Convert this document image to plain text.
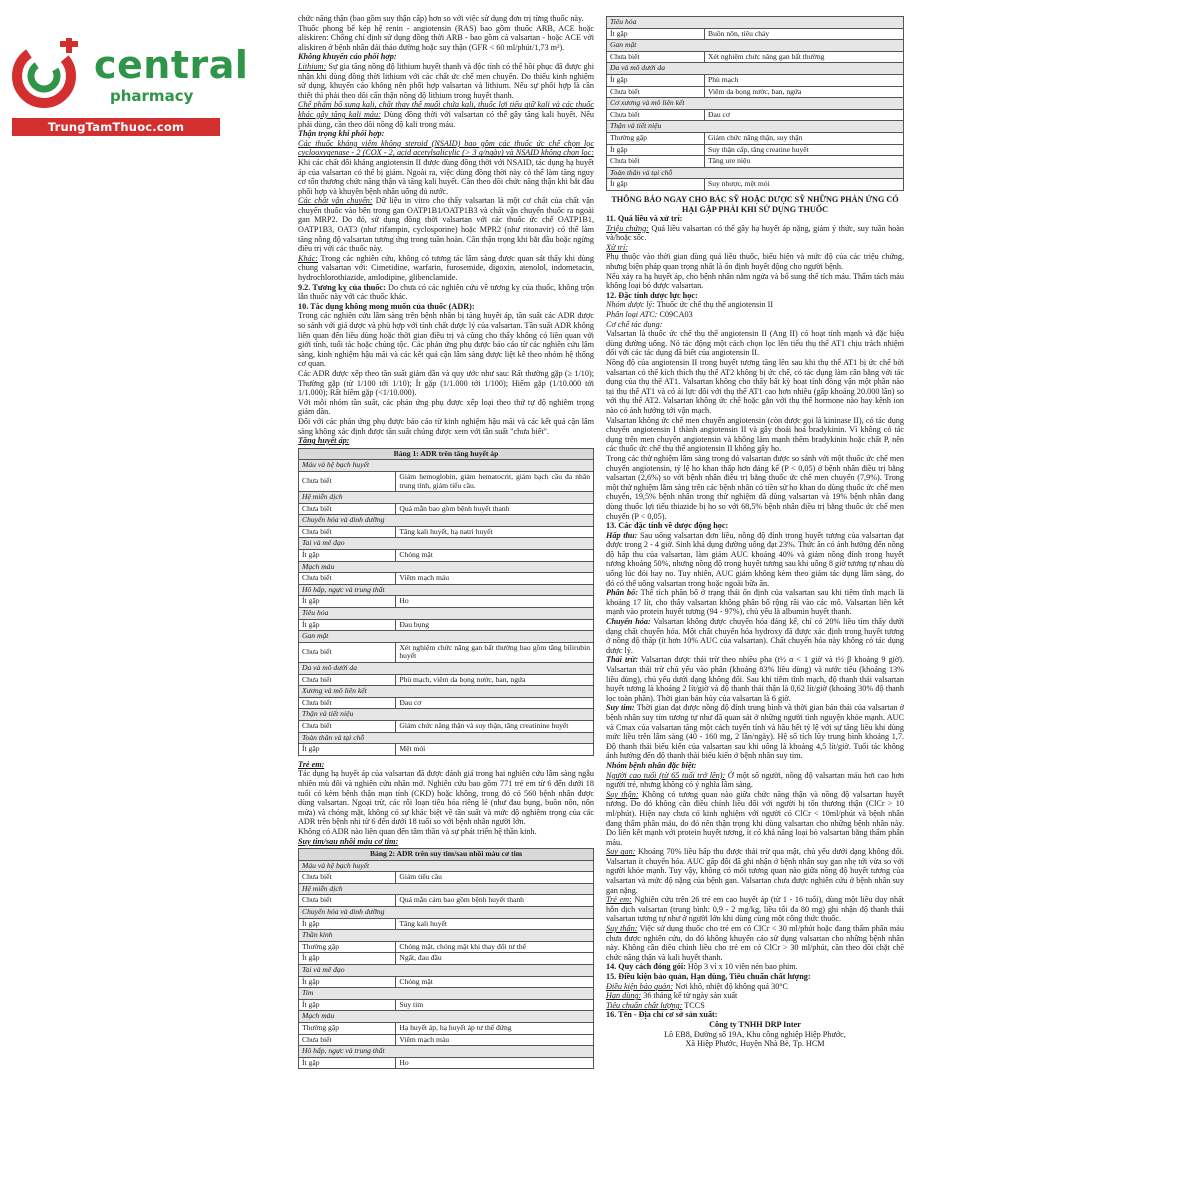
central
pharmacy
TrungTamThuoc.com

chức năng thận (bao gồm suy thận cấp) hơn so với việc sử dụng đơn trị từng thuốc này.

Thuốc phong bế kép hệ renin - angiotensin (RAS) bao gồm thuốc ARB, ACE hoặc aliskiren: Chống chỉ định sử dụng đồng thời ARB - bao gồm cả valsartan - hoặc ACE với aliskiren ở bệnh nhân đái tháo đường hoặc suy thận (GFR < 60 ml/phút/1,73 m²).

Không khuyến cáo phối hợp:

Lithium: Sự gia tăng nồng độ lithium huyết thanh và độc tính có thể hồi phục đã được ghi nhận khi dùng đồng thời lithium với các chất ức chế men chuyển. Do thiếu kinh nghiệm sử dụng, khuyến cáo không nên phối hợp valsartan và lithium. Nếu sự phối hợp là cần thiết thì phải theo dõi cẩn thận nồng độ lithium trong huyết thanh.

Chế phẩm bổ sung kali, chất thay thế muối chứa kali, thuốc lợi tiểu giữ kali và các thuốc khác gây tăng kali máu: Dùng đồng thời với valsartan có thể gây tăng kali huyết. Nếu phải dùng, cần theo dõi nồng độ kali trong máu.

Thận trọng khi phối hợp:

Các thuốc kháng viêm không steroid (NSAID) bao gồm các thuốc ức chế chọn lọc cyclooxygenase - 2 (COX - 2, acid acetylsalicylic (> 3 g/ngày) và NSAID không chọn lọc: Khi các chất đối kháng angiotensin II được dùng đồng thời với NSAID, tác dụng hạ huyết áp của valsartan có thể bị giảm. Ngoài ra, việc dùng đồng thời này có thể làm tăng nguy cơ tổn thương chức năng thận và tăng kali huyết. Cần theo dõi chức năng thận khi bắt đầu phối hợp và khuyên bệnh nhân uống đủ nước.

Các chất vận chuyển: Dữ liệu in vitro cho thấy valsartan là một cơ chất của chất vận chuyển thuốc vào bên trong gan OATP1B1/OATP1B3 và chất vận chuyển thuốc ra ngoài gan MRP2. Do đó, sử dụng đồng thời valsartan với các thuốc ức chế OATP1B1, OATP1B3, OAT3 (như rifampin, cyclosporine) hoặc MPR2 (như ritonavir) có thể làm tăng nồng độ valsartan tương ứng trong tuần hoàn. Cần thận trọng khi bắt đầu hoặc ngừng điều trị với các thuốc này.

Khác: Trong các nghiên cứu, không có tương tác lâm sàng được quan sát thấy khi dùng chung valsartan với: Cimetidine, warfarin, furosemide, digoxin, atenolol, indometacin, hydrochlorothiazide, amlodipine, glibenclamide.

9.2. Tương kỵ của thuốc: Do chưa có các nghiên cứu về tương kỵ của thuốc, không trộn lẫn thuốc này với các thuốc khác.

10. Tác dụng không mong muốn của thuốc (ADR):

Trong các nghiên cứu lâm sàng trên bệnh nhân bị tăng huyết áp, tần suất các ADR được so sánh với giả dược và phù hợp với tính chất dược lý của valsartan. Tần suất ADR không liên quan đến liều dùng hoặc thời gian điều trị và cũng cho thấy không có liên quan với giới tính, tuổi tác hoặc chủng tộc. Các phản ứng phụ được báo cáo từ các nghiên cứu lâm sàng, kinh nghiệm hậu mãi và các kết quả cận lâm sàng được liệt kê theo nhóm hệ thống cơ quan.

Các ADR được xếp theo tần suất giảm dần và quy ước như sau: Rất thường gặp (≥ 1/10); Thường gặp (từ 1/100 tới 1/10); Ít gặp (1/1.000 tới 1/100); Hiếm gặp (1/10.000 tới 1/1.000); Rất hiếm gặp (<1/10.000).

Với mỗi nhóm tần suất, các phản ứng phụ được xếp loại theo thứ tự độ nghiêm trọng giảm dần.

Đối với các phản ứng phụ được báo cáo từ kinh nghiệm hậu mãi và các kết quả cận lâm sàng không xác định được tần suất chúng được xem với tần suất "chưa biết".

Tăng huyết áp:

Bảng 1: ADR trên tăng huyết áp	
Máu và hệ bạch huyết	
Chưa biết	Giảm hemoglobin, giảm hematocrit, giảm bạch cầu đa nhân trung tính, giảm tiểu cầu.
Hệ miễn dịch	
Chưa biết	Quá mẫn bao gồm bệnh huyết thanh
Chuyển hóa và dinh dưỡng	
Chưa biết	Tăng kali huyết, hạ natri huyết
Tai và mê đạo	
Ít gặp	Chóng mặt
Mạch máu	
Chưa biết	Viêm mạch máu
Hô hấp, ngực và trung thất	
Ít gặp	Ho
Tiêu hóa	
Ít gặp	Đau bụng
Gan mật	
Chưa biết	Xét nghiệm chức năng gan bất thường bao gồm tăng bilirubin huyết
Da và mô dưới da	
Chưa biết	Phù mạch, viêm da bọng nước, ban, ngứa
Xương và mô liên kết	
Chưa biết	Đau cơ
Thận và tiết niệu	
Chưa biết	Giảm chức năng thận và suy thận, tăng creatinine huyết
Toàn thân và tại chỗ	
Ít gặp	Mệt mỏi

Trẻ em:

Tác dụng hạ huyết áp của valsartan đã được đánh giá trong hai nghiên cứu lâm sàng ngẫu nhiên mù đôi và nghiên cứu nhãn mở. Nghiên cứu bao gồm 771 trẻ em từ 6 đến dưới 18 tuổi có kèm bệnh thận mạn tính (CKD) hoặc không, trong đó có 560 bệnh nhân được dùng valsartan. Ngoại trừ, các rối loạn tiêu hóa riêng lẻ (như đau bụng, buồn nôn, nôn mửa) và chóng mặt, không có sự khác biệt về tần suất và mức độ nghiêm trọng của các ADR trên bệnh nhi từ 6 đến dưới 18 tuổi so với bệnh nhân người lớn.

Không có ADR nào liên quan đến tâm thần và sự phát triển hệ thần kinh.

Suy tim/sau nhồi máu cơ tim:

Bảng 2: ADR trên suy tim/sau nhồi máu cơ tim	
Máu và hệ bạch huyết	
Chưa biết	Giảm tiểu cầu
Hệ miễn dịch	
Chưa biết	Quá mẫn cảm bao gồm bệnh huyết thanh
Chuyển hóa và dinh dưỡng	
Ít gặp	Tăng kali huyết
Thần kinh	
Thường gặp	Chóng mặt, chóng mặt khi thay đổi tư thế
Ít gặp	Ngất, đau đầu
Tai và mê đạo	
Ít gặp	Chóng mặt
Tim	
Ít gặp	Suy tim
Mạch máu	
Thường gặp	Hạ huyết áp, hạ huyết áp tư thế đứng
Chưa biết	Viêm mạch máu
Hô hấp, ngực và trung thất	
Ít gặp	Ho
Tiêu hóa	
Ít gặp	Buồn nôn, tiêu chảy
Gan mật	
Chưa biết	Xét nghiệm chức năng gan bất thường
Da và mô dưới da	
Ít gặp	Phù mạch
Chưa biết	Viêm da bọng nước, ban, ngứa
Cơ xương và mô liên kết	
Chưa biết	Đau cơ
Thận và tiết niệu	
Thường gặp	Giảm chức năng thận, suy thận
Ít gặp	Suy thận cấp, tăng creatine huyết
Chưa biết	Tăng ure niệu
Toàn thân và tại chỗ	
Ít gặp	Suy nhược, mệt mỏi

THÔNG BÁO NGAY CHO BÁC SỸ HOẶC DƯỢC SỸ NHỮNG PHẢN ỨNG CÓ HẠI GẶP PHẢI KHI SỬ DỤNG THUỐC

11. Quá liều và xử trí:

Triệu chứng: Quá liều valsartan có thể gây hạ huyết áp nặng, giảm ý thức, suy tuần hoàn và/hoặc sốc.

Xử trí:

Phụ thuộc vào thời gian dùng quá liều thuốc, biểu hiện và mức độ của các triệu chứng, nhưng biện pháp quan trọng nhất là ổn định huyết động cho người bệnh.

Nếu xảy ra hạ huyết áp, cho bệnh nhân nằm ngửa và bổ sung thể tích máu. Thẩm tách máu không loại bỏ được valsartan.

12. Đặc tính dược lực học:

Nhóm dược lý: Thuốc ức chế thụ thể angiotensin II

Phân loại ATC: C09CA03

Cơ chế tác dụng:

Valsartan là thuốc ức chế thụ thể angiotensin II (Ang II) có hoạt tính mạnh và đặc hiệu dùng đường uống. Nó tác động một cách chọn lọc lên tiểu thụ thể AT1 chịu trách nhiệm đối với các tác dụng đã biết của angiotensin II.

Nồng độ của angiotensin II trong huyết tương tăng lên sau khi thụ thể AT1 bị ức chế bởi valsartan có thể kích thích thụ thể AT2 không bị ức chế, có tác dụng làm cân bằng với tác dụng của thụ thể AT1. Valsartan không cho thấy bất kỳ hoạt tính đồng vận một phần nào tại thụ thể AT1 và có ái lực đối với thụ thể AT1 cao hơn nhiều (gấp khoảng 20.000 lần) so với thụ thể AT2. Valsartan không ức chế hoặc gắn với thụ thể hormone nào hay kênh ion nào có ảnh hưởng tới vận mạch.

Valsartan không ức chế men chuyển angiotensin (còn được gọi là kininase II), có tác dụng chuyển angiotensin I thành angiotensin II và gây thoái hoá bradykinin. Vì không có tác dụng trên men chuyển angiotensin và không làm mạnh thêm bradykinin hoặc chất P, nên các thuốc ức chế thụ thể angiotensin II không gây ho.

Trong các thử nghiệm lâm sàng trong đó valsartan được so sánh với một thuốc ức chế men chuyển angiotensin, tỷ lệ ho khan thấp hơn đáng kể (P < 0,05) ở bệnh nhân điều trị bằng valsartan (2,6%) so với bệnh nhân điều trị bằng thuốc ức chế men chuyển (7,9%). Trong một thử nghiệm lâm sàng trên các bệnh nhân có tiền sử ho khan do dùng thuốc ức chế men chuyển, 19,5% bệnh nhân trong thử nghiệm đã dùng valsartan và 19% bệnh nhân đang dùng thuốc lợi tiểu thiazide bị ho so với 68,5% bệnh nhân điều trị bằng thuốc ức chế men chuyển (P < 0,05).

13. Các đặc tính về dược động học:

Hấp thu: Sau uống valsartan đơn liều, nồng độ đỉnh trong huyết tương của valsartan đạt được trong 2 - 4 giờ. Sinh khả dụng đường uống đạt 23%. Thức ăn có ảnh hưởng đến nồng độ hấp thu của valsartan, làm giảm AUC khoảng 40% và giảm nồng đỉnh trong huyết tương khoảng 50%, nhưng nồng độ trong huyết tương sau khi uống 8 giờ tương tự nhau dù uống lúc đói hay no. Tuy nhiên, AUC giảm không kèm theo giảm tác dụng lâm sàng, do đó có thể uống valsartan trong hoặc ngoài bữa ăn.

Phân bố: Thể tích phân bố ở trạng thái ổn định của valsartan sau khi tiêm tĩnh mạch là khoảng 17 lít, cho thấy valsartan không phân bố rộng rãi vào các mô. Valsartan liên kết mạnh vào protein huyết tương (94 - 97%), chủ yếu là albumin huyết thanh.

Chuyển hóa: Valsartan không được chuyển hóa đáng kể, chỉ có 20% liều tìm thấy dưới dạng chất chuyển hóa. Một chất chuyển hóa hydroxy đã được xác định trong huyết tương ở nồng độ thấp (ít hơn 10% AUC của valsartan). Chất chuyển hóa này không có tác dụng dược lý.

Thải trừ: Valsartan được thải trừ theo nhiều pha (t½ α < 1 giờ và t½ β khoảng 9 giờ). Valsartan thải trừ chủ yếu vào phân (khoảng 83% liều dùng) và nước tiểu (khoảng 13% liều dùng), chủ yếu dưới dạng không đổi. Sau khi tiêm tĩnh mạch, độ thanh thải valsartan huyết tương là khoảng 2 lít/giờ và độ thanh thải thận là 0,62 lít/giờ (khoảng 30% độ thanh lọc toàn phần). Thời gian bán hủy của valsartan là 6 giờ.

Suy tim: Thời gian đạt được nồng độ đỉnh trung bình và thời gian bán thải của valsartan ở bệnh nhân suy tim tương tự như đã quan sát ở những người tình nguyện khỏe mạnh. AUC và Cmax của valsartan tăng một cách tuyến tính và hầu hết tỷ lệ với sự tăng liều khi dùng mức liều trên lâm sàng (40 - 160 mg, 2 lần/ngày). Hệ số tích lũy trung bình khoảng 1,7. Độ thanh thải biểu kiến của valsartan sau khi uống là khoảng 4,5 lít/giờ. Tuổi tác không ảnh hưởng đến độ thanh thải biểu kiến ở bệnh nhân suy tim.

Nhóm bệnh nhân đặc biệt:

Người cao tuổi (từ 65 tuổi trở lên): Ở một số người, nồng độ valsartan máu hơi cao hơn người trẻ, nhưng không có ý nghĩa lâm sàng.

Suy thận: Không có tương quan nào giữa chức năng thận và nồng độ valsartan huyết tương. Do đó không cần điều chỉnh liều đối với người bị tổn thương thận (ClCr > 10 ml/phút). Hiện nay chưa có kinh nghiệm với người có ClCr < 10ml/phút và bệnh nhân đang thẩm phân máu, do đó nên thận trọng khi dùng valsartan cho những bệnh nhân này. Do liên kết mạnh với protein huyết tương, ít có khả năng loại bỏ valsartan bằng thẩm phân máu.

Suy gan: Khoảng 70% liều hấp thu được thải trừ qua mật, chủ yếu dưới dạng không đổi. Valsartan ít chuyển hóa. AUC gấp đôi đã ghi nhận ở bệnh nhân suy gan nhẹ tới vừa so với người khỏe mạnh. Tuy vậy, không có mối tương quan nào giữa nồng độ huyết tương của valsartan và mức độ nặng của bệnh gan. Valsartan chưa được nghiên cứu ở bệnh nhân suy gan nặng.

Trẻ em: Nghiên cứu trên 26 trẻ em cao huyết áp (từ 1 - 16 tuổi), dùng một liều duy nhất hỗn dịch valsartan (trung bình: 0,9 - 2 mg/kg, liều tối đa 80 mg) ghi nhận độ thanh thải valsartan tương tự như ở người lớn khi dùng cùng một công thức thuốc.

Suy thận: Việc sử dụng thuốc cho trẻ em có ClCr < 30 ml/phút hoặc đang thẩm phân máu chưa được nghiên cứu, do đó không khuyến cáo sử dụng valsartan cho những bệnh nhân này. Không cần điều chỉnh liều cho trẻ em có ClCr > 30 ml/phút, cần theo dõi chặt chẽ chức năng thận và kali huyết thanh.

14. Quy cách đóng gói: Hộp 3 vỉ x 10 viên nén bao phim.

15. Điều kiện bảo quản, Hạn dùng, Tiêu chuẩn chất lượng:

Điều kiện bảo quản: Nơi khô, nhiệt độ không quá 30°C

Hạn dùng: 36 tháng kể từ ngày sản xuất

Tiêu chuẩn chất lượng: TCCS

16. Tên - Địa chỉ cơ sở sản xuất:

Công ty TNHH DRP Inter

Lô EB8, Đường số 19A, Khu công nghiệp Hiệp Phước,

Xã Hiệp Phước, Huyện Nhà Bè, Tp. HCM
